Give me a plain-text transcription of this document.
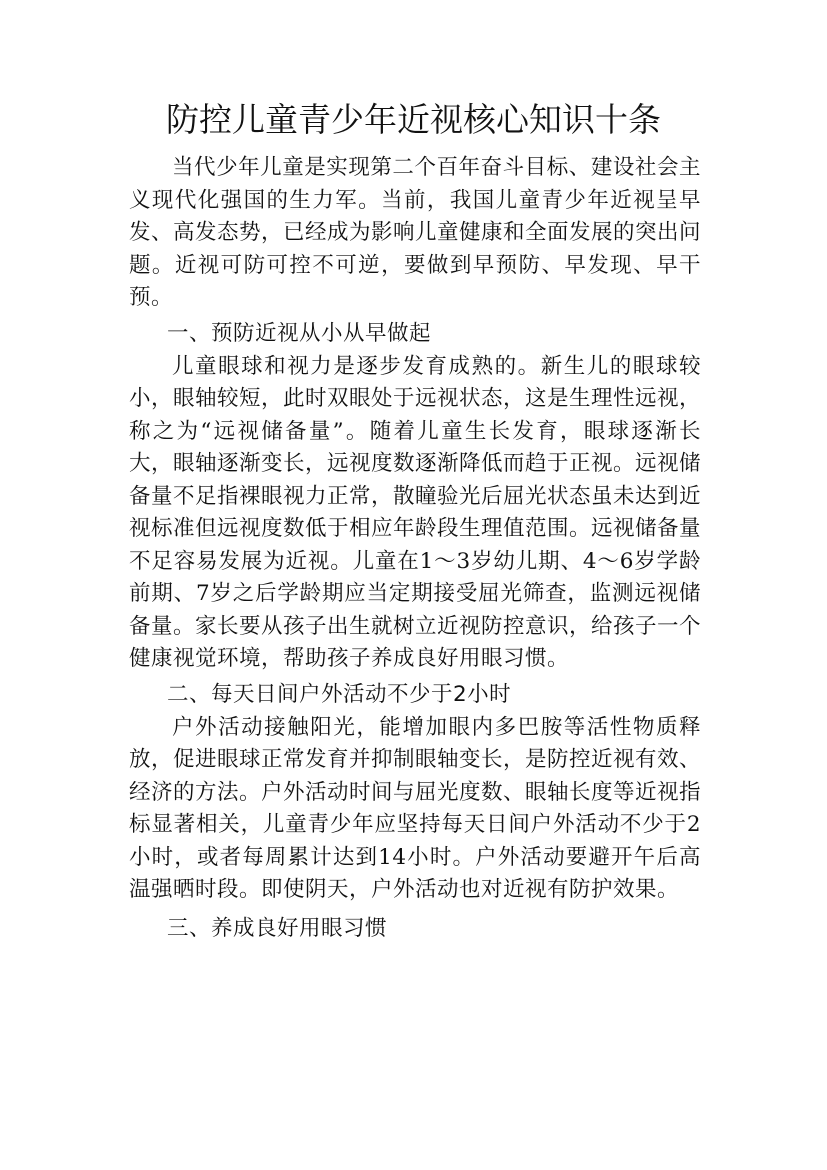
防控儿童青少年近视核心知识十条

当代少年儿童是实现第二个百年奋斗目标、建设社会主义现代化强国的生力军。当前，我国儿童青少年近视呈早发、高发态势，已经成为影响儿童健康和全面发展的突出问题。近视可防可控不可逆，要做到早预防、早发现、早干预。

一、预防近视从小从早做起

儿童眼球和视力是逐步发育成熟的。新生儿的眼球较小，眼轴较短，此时双眼处于远视状态，这是生理性远视，称之为“远视储备量”。随着儿童生长发育，眼球逐渐长大，眼轴逐渐变长，远视度数逐渐降低而趋于正视。远视储备量不足指裸眼视力正常，散瞳验光后屈光状态虽未达到近视标准但远视度数低于相应年龄段生理值范围。远视储备量不足容易发展为近视。儿童在1～3岁幼儿期、4～6岁学龄前期、7岁之后学龄期应当定期接受屈光筛查，监测远视储备量。家长要从孩子出生就树立近视防控意识，给孩子一个健康视觉环境，帮助孩子养成良好用眼习惯。

二、每天日间户外活动不少于2小时

户外活动接触阳光，能增加眼内多巴胺等活性物质释放，促进眼球正常发育并抑制眼轴变长，是防控近视有效、经济的方法。户外活动时间与屈光度数、眼轴长度等近视指标显著相关，儿童青少年应坚持每天日间户外活动不少于2小时，或者每周累计达到14小时。户外活动要避开午后高温强晒时段。即使阴天，户外活动也对近视有防护效果。

三、养成良好用眼习惯
